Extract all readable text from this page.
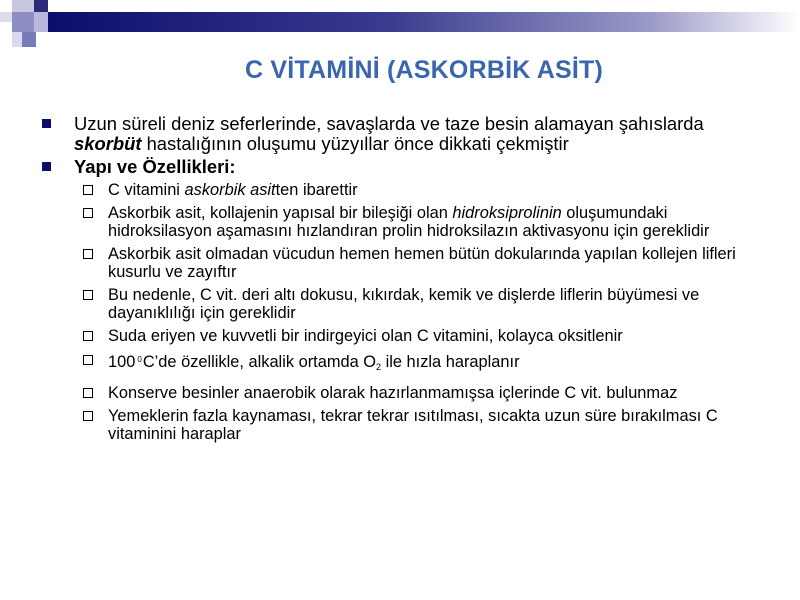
C VİTAMİNİ (ASKORBİK ASİT)
Uzun süreli deniz seferlerinde, savaşlarda ve taze besin alamayan şahıslarda skorbüt hastalığının oluşumu yüzyıllar önce dikkati çekmiştir
Yapı ve Özellikleri:
C vitamini askorbik asitten ibarettir
Askorbik asit, kollajenin yapısal bir bileşiği olan hidroksiprolinin oluşumundaki hidroksilasyon aşamasını hızlandıran prolin hidroksilazın aktivasyonu için gereklidir
Askorbik asit olmadan vücudun hemen hemen bütün dokularında yapılan kollejen lifleri kusurlu ve zayıftır
Bu nedenle, C vit. deri altı dokusu, kıkırdak, kemik ve dişlerde liflerin büyümesi ve dayanıklılığı için gereklidir
Suda eriyen ve kuvvetli bir indirgeyici olan C vitamini, kolayca oksitlenir
100 $^0$C’de özellikle, alkalik ortamda $O_2$ ile hızla haraplanır
Konserve besinler anaerobik olarak hazırlanmamışsa içlerinde C vit. bulunmaz
Yemeklerin fazla kaynaması, tekrar tekrar ısıtılması, sıcakta uzun süre bırakılması C vitaminini haraplar
